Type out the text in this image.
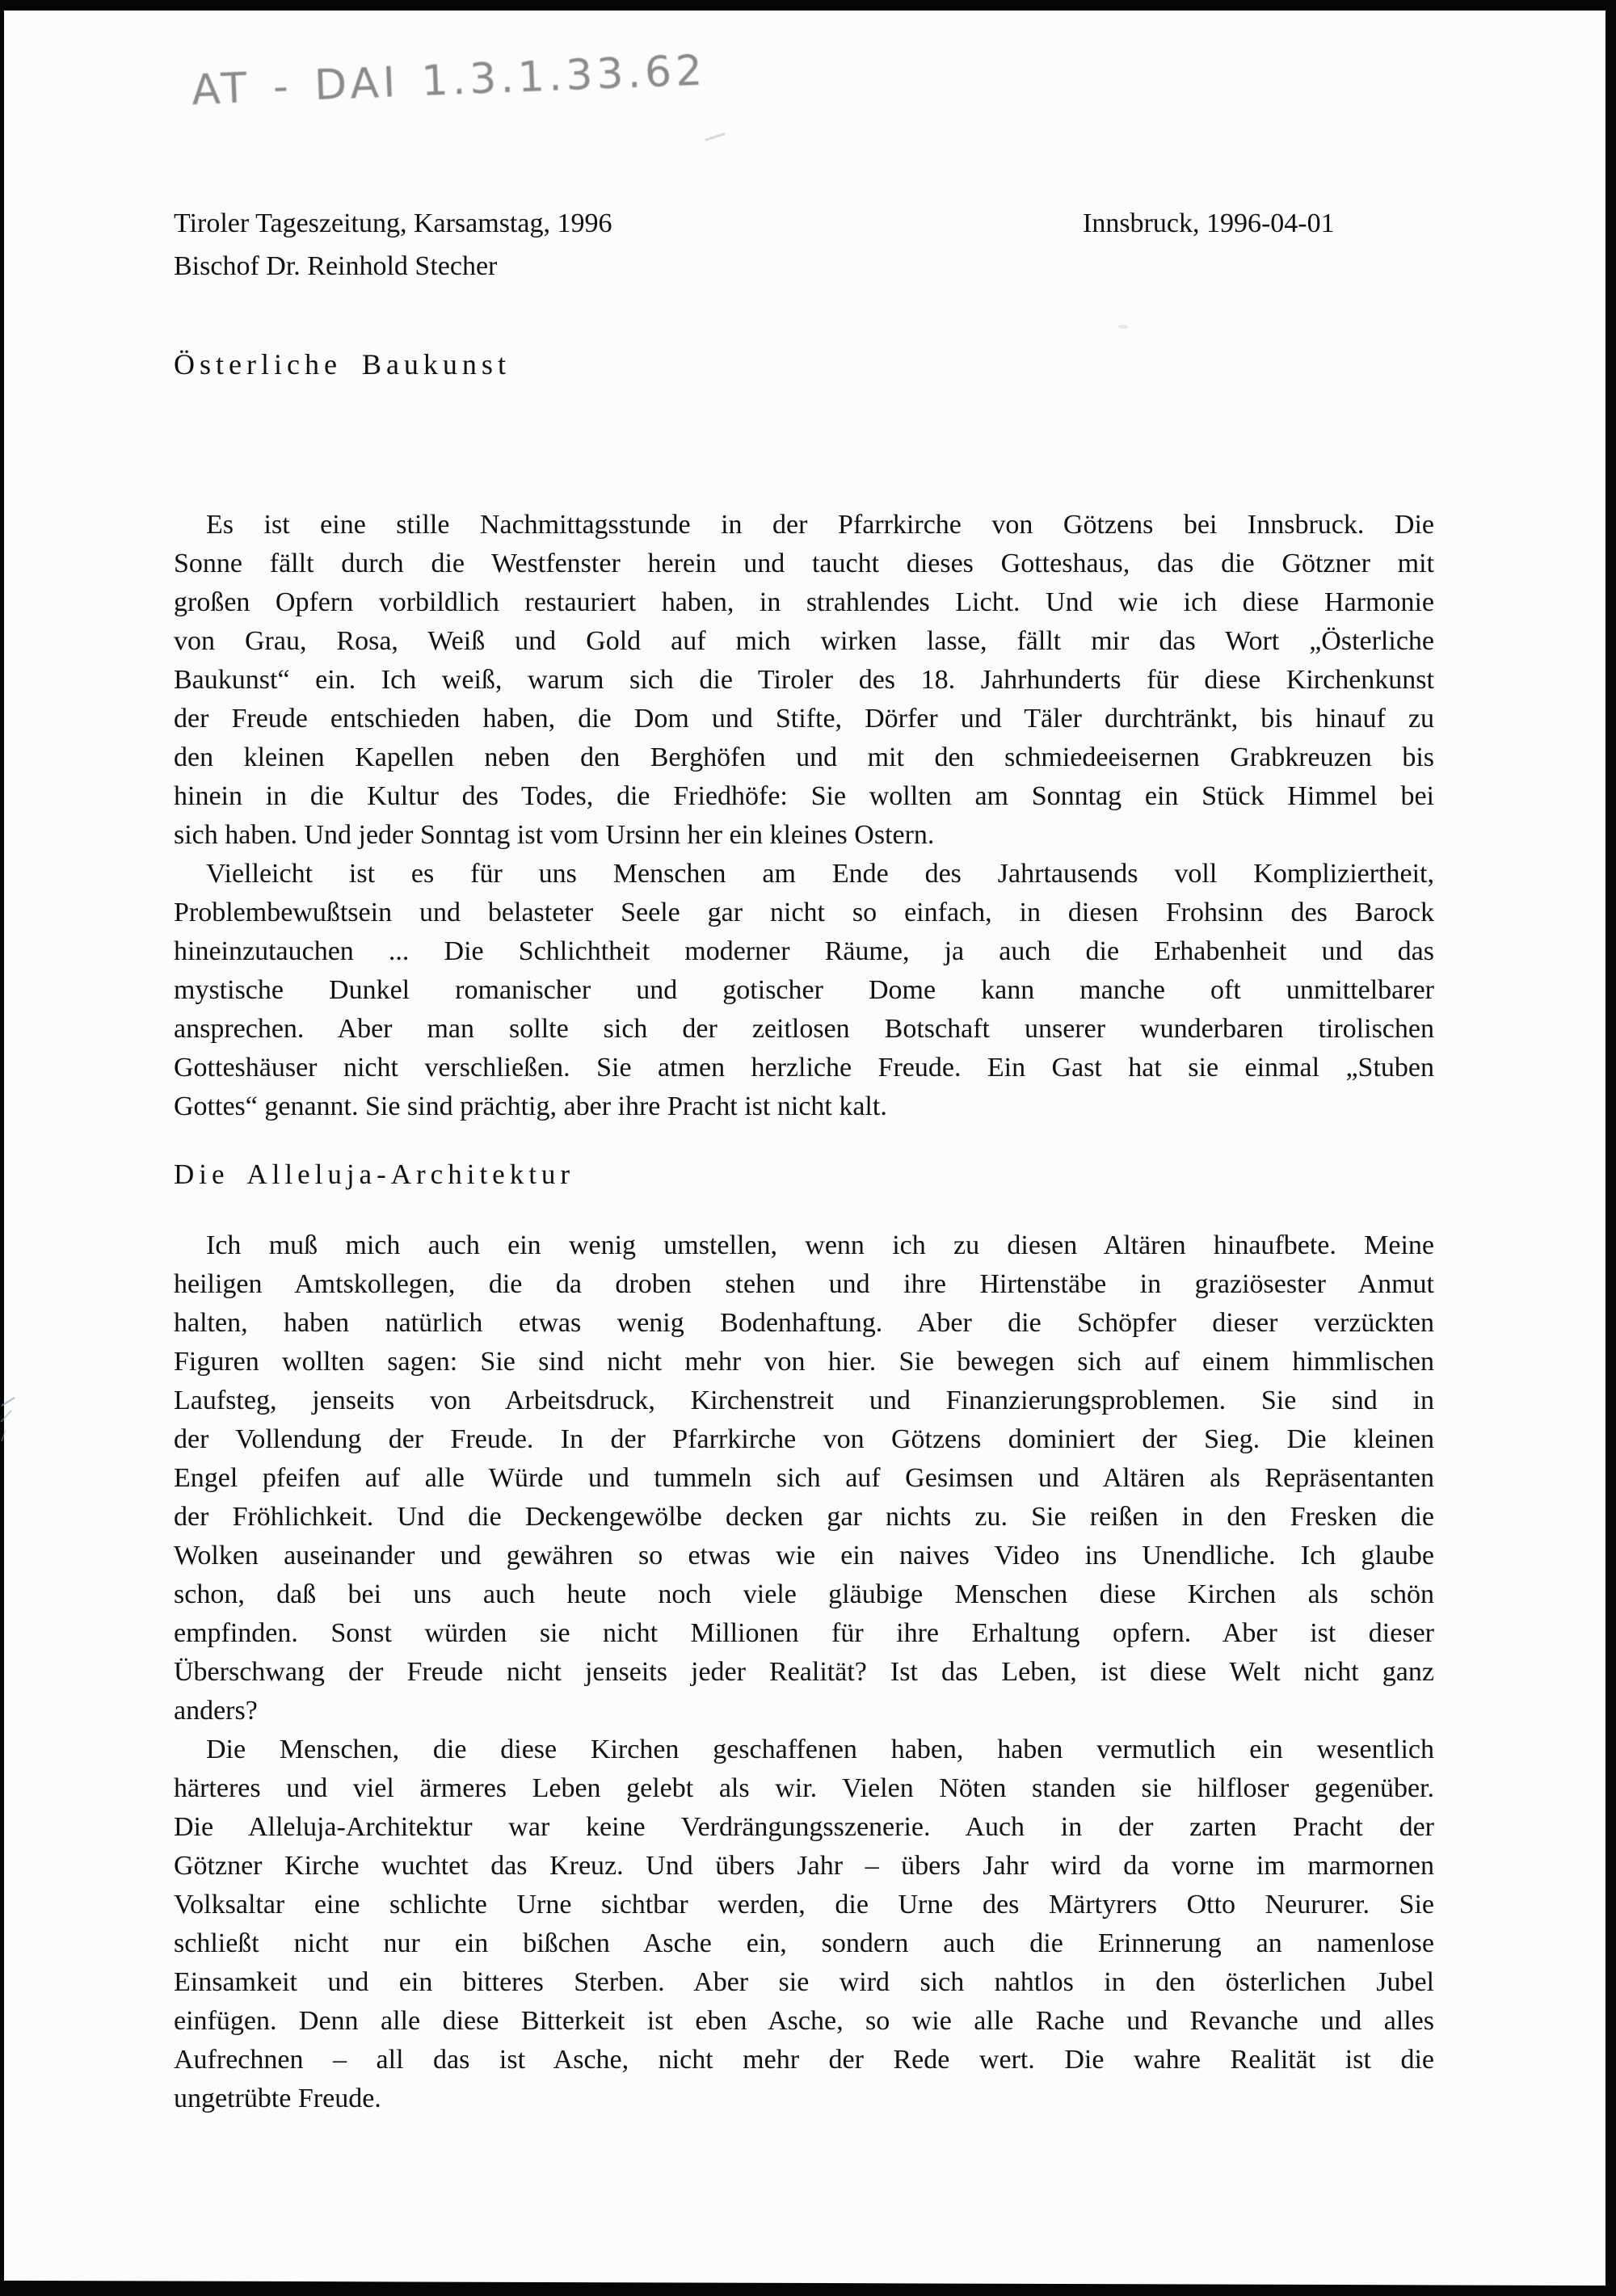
AT - DAI 1.3.1.33.62
Tiroler Tageszeitung, Karsamstag, 1996
Bischof Dr. Reinhold Stecher
Innsbruck, 1996-04-01
Österliche Baukunst
Es ist eine stille Nachmittagsstunde in der Pfarrkirche von Götzens bei Innsbruck. Die
Sonne fällt durch die Westfenster herein und taucht dieses Gotteshaus, das die Götzner mit
großen Opfern vorbildlich restauriert haben, in strahlendes Licht. Und wie ich diese Harmonie
von Grau, Rosa, Weiß und Gold auf mich wirken lasse, fällt mir das Wort „Österliche
Baukunst“ ein. Ich weiß, warum sich die Tiroler des 18. Jahrhunderts für diese Kirchenkunst
der Freude entschieden haben, die Dom und Stifte, Dörfer und Täler durchtränkt, bis hinauf zu
den kleinen Kapellen neben den Berghöfen und mit den schmiedeeisernen Grabkreuzen bis
hinein in die Kultur des Todes, die Friedhöfe: Sie wollten am Sonntag ein Stück Himmel bei
sich haben. Und jeder Sonntag ist vom Ursinn her ein kleines Ostern.
Vielleicht ist es für uns Menschen am Ende des Jahrtausends voll Kompliziertheit,
Problembewußtsein und belasteter Seele gar nicht so einfach, in diesen Frohsinn des Barock
hineinzutauchen ... Die Schlichtheit moderner Räume, ja auch die Erhabenheit und das
mystische Dunkel romanischer und gotischer Dome kann manche oft unmittelbarer
ansprechen. Aber man sollte sich der zeitlosen Botschaft unserer wunderbaren tirolischen
Gotteshäuser nicht verschließen. Sie atmen herzliche Freude. Ein Gast hat sie einmal „Stuben
Gottes“ genannt. Sie sind prächtig, aber ihre Pracht ist nicht kalt.
Die Alleluja-Architektur
Ich muß mich auch ein wenig umstellen, wenn ich zu diesen Altären hinaufbete. Meine
heiligen Amtskollegen, die da droben stehen und ihre Hirtenstäbe in graziösester Anmut
halten, haben natürlich etwas wenig Bodenhaftung. Aber die Schöpfer dieser verzückten
Figuren wollten sagen: Sie sind nicht mehr von hier. Sie bewegen sich auf einem himmlischen
Laufsteg, jenseits von Arbeitsdruck, Kirchenstreit und Finanzierungsproblemen. Sie sind in
der Vollendung der Freude. In der Pfarrkirche von Götzens dominiert der Sieg. Die kleinen
Engel pfeifen auf alle Würde und tummeln sich auf Gesimsen und Altären als Repräsentanten
der Fröhlichkeit. Und die Deckengewölbe decken gar nichts zu. Sie reißen in den Fresken die
Wolken auseinander und gewähren so etwas wie ein naives Video ins Unendliche. Ich glaube
schon, daß bei uns auch heute noch viele gläubige Menschen diese Kirchen als schön
empfinden. Sonst würden sie nicht Millionen für ihre Erhaltung opfern. Aber ist dieser
Überschwang der Freude nicht jenseits jeder Realität? Ist das Leben, ist diese Welt nicht ganz
anders?
Die Menschen, die diese Kirchen geschaffenen haben, haben vermutlich ein wesentlich
härteres und viel ärmeres Leben gelebt als wir. Vielen Nöten standen sie hilfloser gegenüber.
Die Alleluja-Architektur war keine Verdrängungsszenerie. Auch in der zarten Pracht der
Götzner Kirche wuchtet das Kreuz. Und übers Jahr – übers Jahr wird da vorne im marmornen
Volksaltar eine schlichte Urne sichtbar werden, die Urne des Märtyrers Otto Neururer. Sie
schließt nicht nur ein bißchen Asche ein, sondern auch die Erinnerung an namenlose
Einsamkeit und ein bitteres Sterben. Aber sie wird sich nahtlos in den österlichen Jubel
einfügen. Denn alle diese Bitterkeit ist eben Asche, so wie alle Rache und Revanche und alles
Aufrechnen – all das ist Asche, nicht mehr der Rede wert. Die wahre Realität ist die
ungetrübte Freude.
